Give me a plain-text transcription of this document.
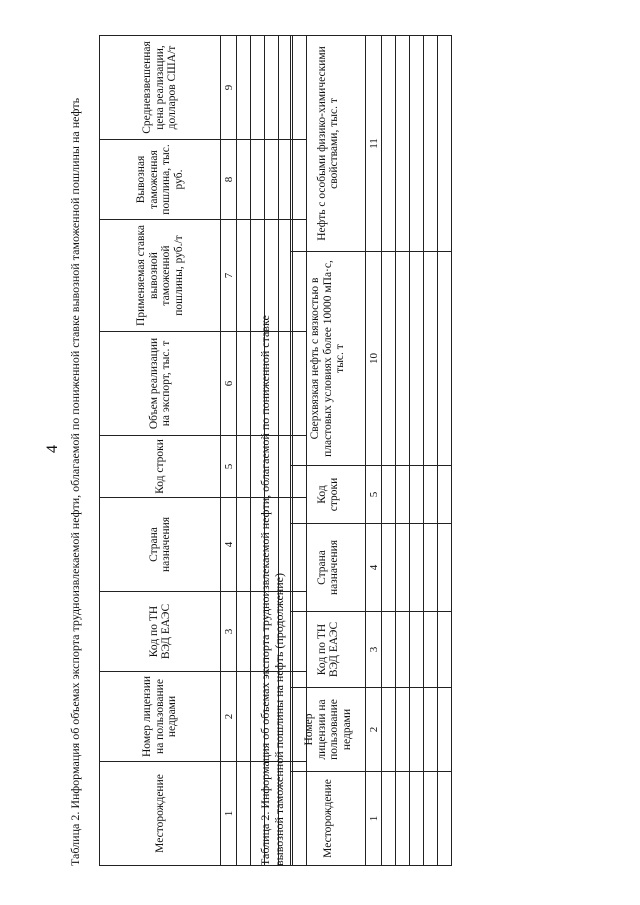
4 Таблица 2. Информация об объемах экспорта трудноизвлекаемой нефти, облагаемой по пониженной ставке вывозной таможенной пошлины на нефть	Месторождение	Номер лицензии на пользование недрами	Код по ТН ВЭД ЕАЭС	Страна назначения	Код строки	Объем реализации на экспорт, тыс. т	Применяемая ставка вывозной таможенной пошлины, руб./т	Вывозная таможенная пошлина, тыс. руб.	Средневзвешенная цена реализации, долларов США/т
1	2	3	4	5	6	7	8	9

Таблица 2. Информация об объемах экспорта трудноизвлекаемой нефти, облагаемой по пониженной ставке вывозной таможенной пошлины на нефть (продолжение)	Месторождение	Номер лицензии на пользование недрами	Код по ТН ВЭД ЕАЭС	Страна назначения	Код строки	Сверхвязкая нефть с вязкостью в пластовых условиях более 10000 мПа·с, тыс. т	Нефть с особыми физико-химическими свойствами, тыс. т
1	2	3	4	5	10	11
